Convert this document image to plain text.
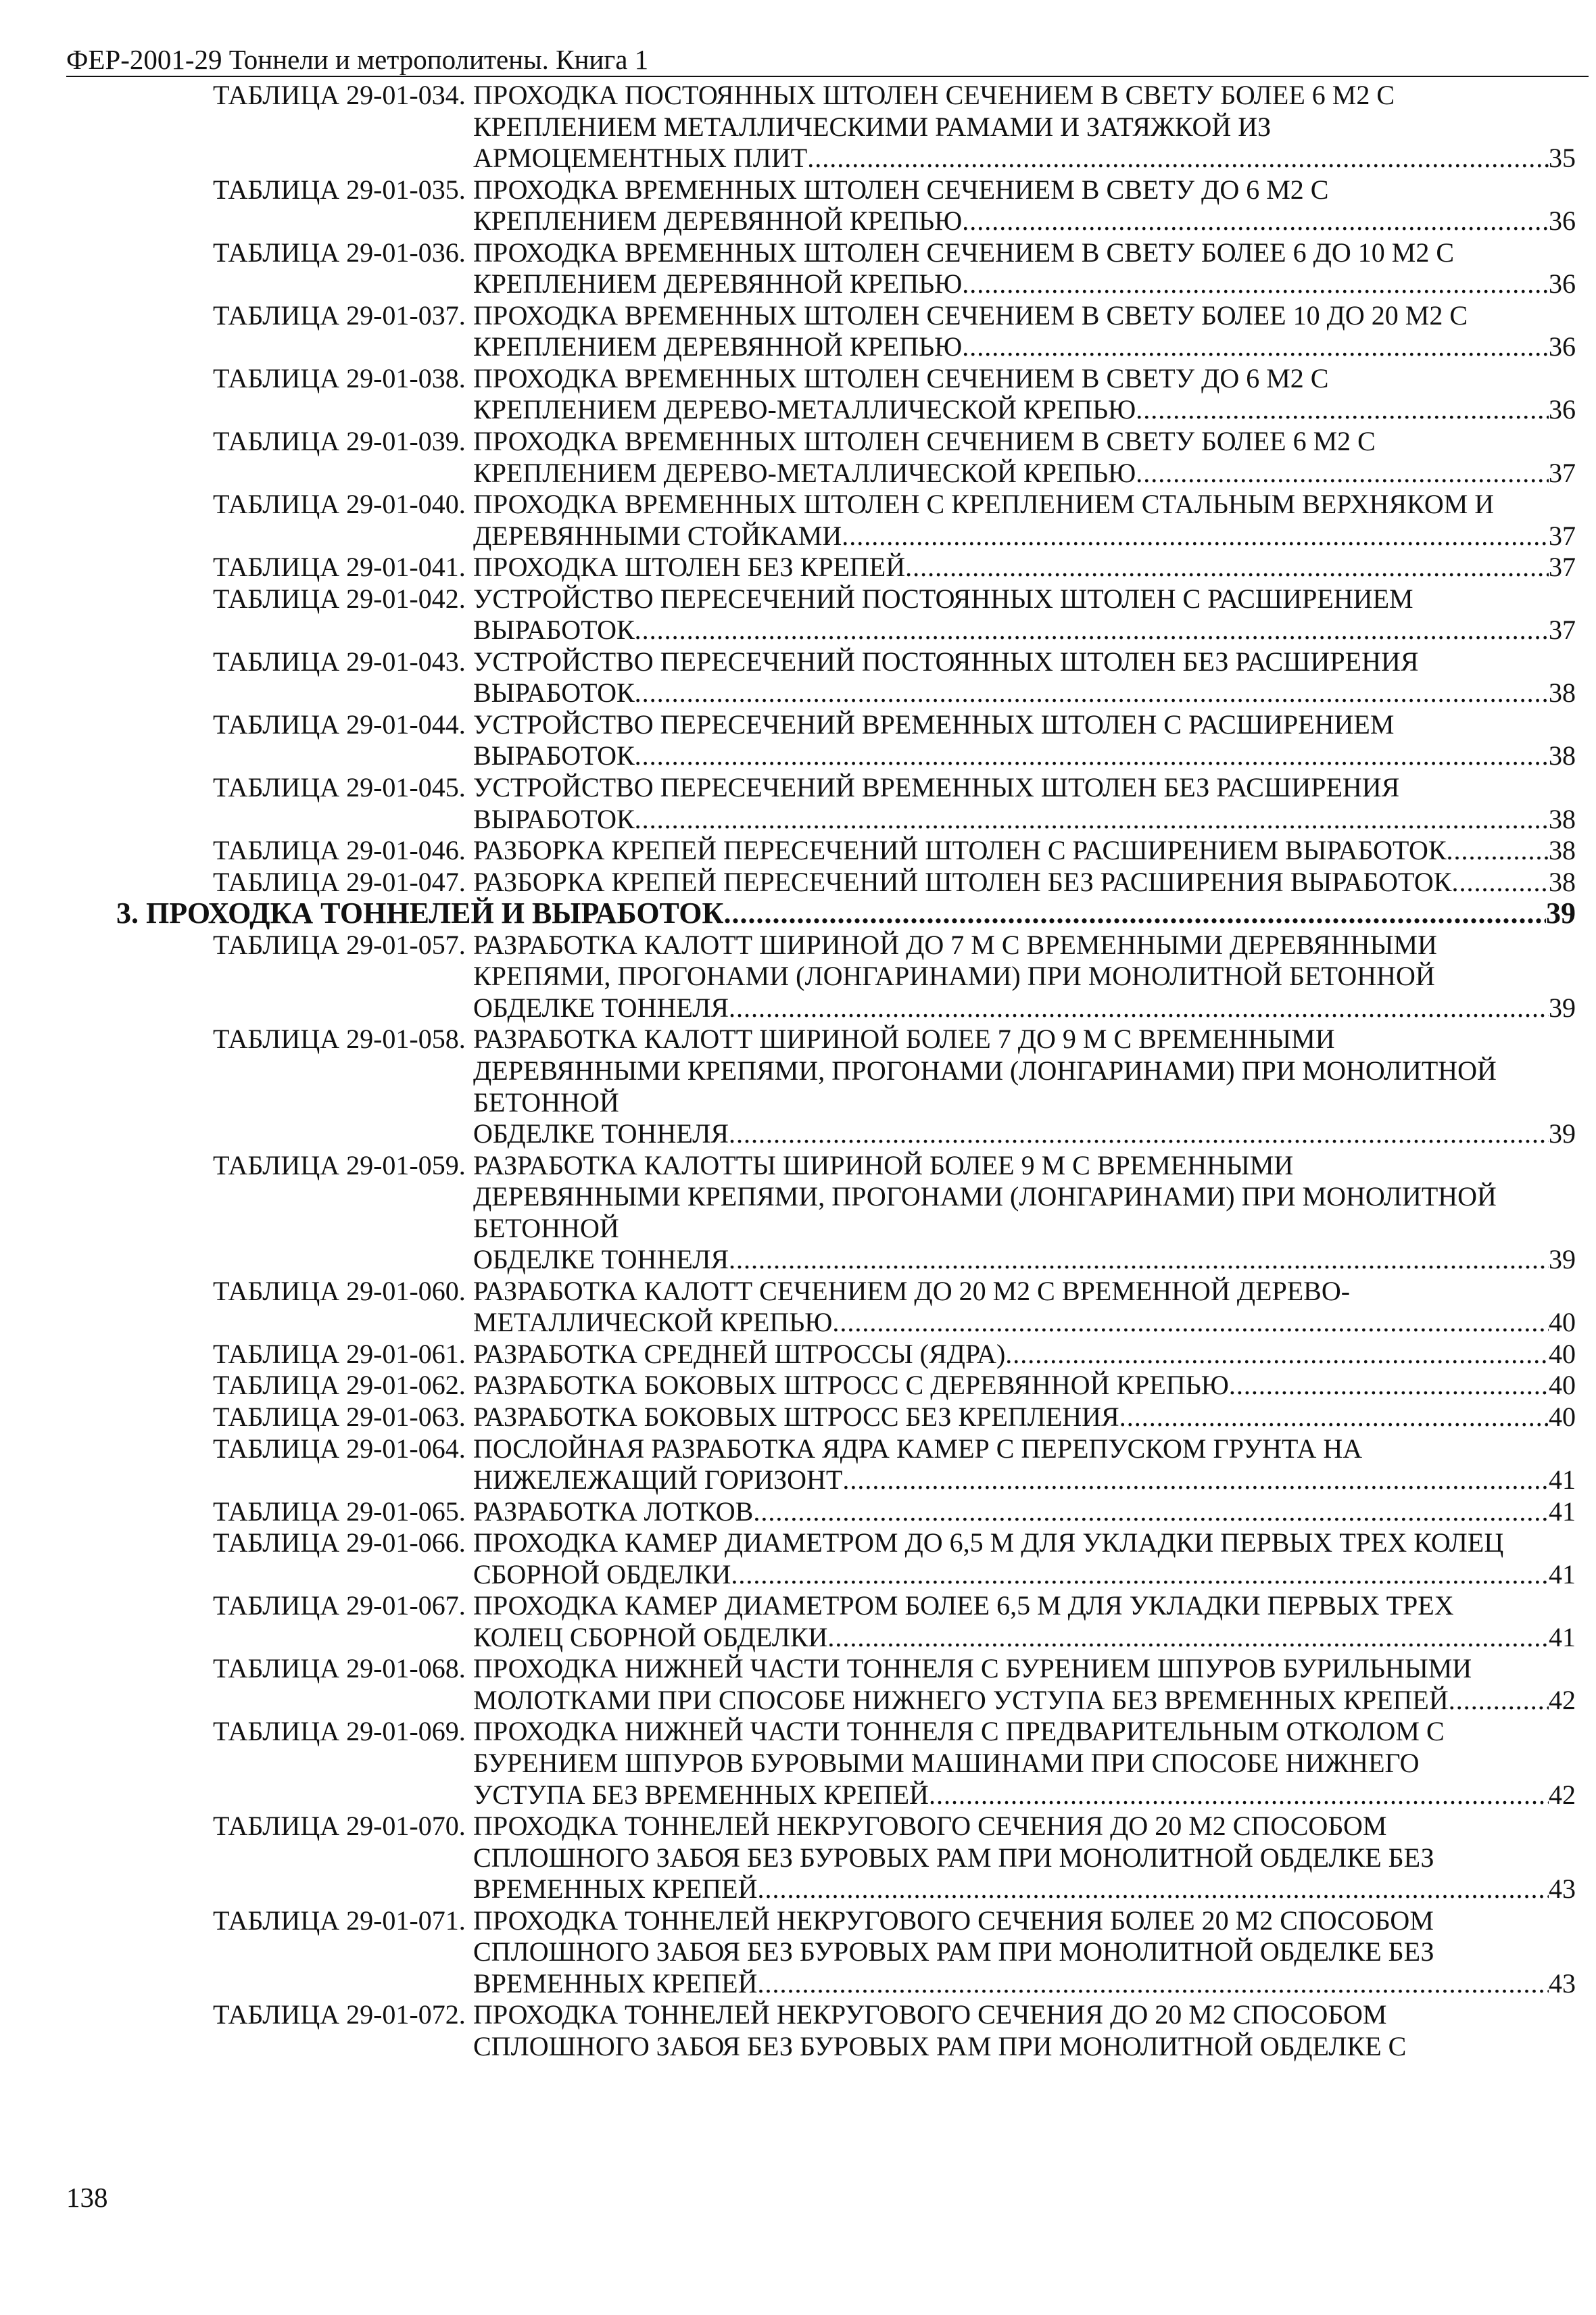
ФЕР-2001-29 Тоннели и метрополитены. Книга 1
ТАБЛИЦА 29-01-034. ПРОХОДКА ПОСТОЯННЫХ ШТОЛЕН СЕЧЕНИЕМ В СВЕТУ БОЛЕЕ 6 М2 С
КРЕПЛЕНИЕМ МЕТАЛЛИЧЕСКИМИ РАМАМИ И ЗАТЯЖКОЙ ИЗ
АРМОЦЕМЕНТНЫХ ПЛИТ .....	35
ТАБЛИЦА 29-01-035. ПРОХОДКА ВРЕМЕННЫХ ШТОЛЕН СЕЧЕНИЕМ В СВЕТУ ДО 6 М2 С
КРЕПЛЕНИЕМ ДЕРЕВЯННОЙ КРЕПЬЮ .....	36
ТАБЛИЦА 29-01-036. ПРОХОДКА ВРЕМЕННЫХ ШТОЛЕН СЕЧЕНИЕМ В СВЕТУ БОЛЕЕ 6 ДО 10 М2 С
КРЕПЛЕНИЕМ ДЕРЕВЯННОЙ КРЕПЬЮ .....	36
ТАБЛИЦА 29-01-037. ПРОХОДКА ВРЕМЕННЫХ ШТОЛЕН СЕЧЕНИЕМ В СВЕТУ БОЛЕЕ 10 ДО 20 М2 С
КРЕПЛЕНИЕМ ДЕРЕВЯННОЙ КРЕПЬЮ .....	36
ТАБЛИЦА 29-01-038. ПРОХОДКА ВРЕМЕННЫХ ШТОЛЕН СЕЧЕНИЕМ В СВЕТУ ДО 6 М2 С
КРЕПЛЕНИЕМ ДЕРЕВО-МЕТАЛЛИЧЕСКОЙ КРЕПЬЮ .....	36
ТАБЛИЦА 29-01-039. ПРОХОДКА ВРЕМЕННЫХ ШТОЛЕН СЕЧЕНИЕМ В СВЕТУ БОЛЕЕ 6 М2 С
КРЕПЛЕНИЕМ ДЕРЕВО-МЕТАЛЛИЧЕСКОЙ КРЕПЬЮ .....	37
ТАБЛИЦА 29-01-040. ПРОХОДКА ВРЕМЕННЫХ ШТОЛЕН С КРЕПЛЕНИЕМ СТАЛЬНЫМ ВЕРХНЯКОМ И
ДЕРЕВЯННЫМИ СТОЙКАМИ .....	37
ТАБЛИЦА 29-01-041. ПРОХОДКА ШТОЛЕН БЕЗ КРЕПЕЙ .....	37
ТАБЛИЦА 29-01-042. УСТРОЙСТВО ПЕРЕСЕЧЕНИЙ ПОСТОЯННЫХ ШТОЛЕН С РАСШИРЕНИЕМ
ВЫРАБОТОК .....	37
ТАБЛИЦА 29-01-043. УСТРОЙСТВО ПЕРЕСЕЧЕНИЙ ПОСТОЯННЫХ ШТОЛЕН БЕЗ РАСШИРЕНИЯ
ВЫРАБОТОК .....	38
ТАБЛИЦА 29-01-044. УСТРОЙСТВО ПЕРЕСЕЧЕНИЙ ВРЕМЕННЫХ ШТОЛЕН С РАСШИРЕНИЕМ
ВЫРАБОТОК .....	38
ТАБЛИЦА 29-01-045. УСТРОЙСТВО ПЕРЕСЕЧЕНИЙ ВРЕМЕННЫХ ШТОЛЕН БЕЗ РАСШИРЕНИЯ
ВЫРАБОТОК .....	38
ТАБЛИЦА 29-01-046. РАЗБОРКА КРЕПЕЙ ПЕРЕСЕЧЕНИЙ ШТОЛЕН С РАСШИРЕНИЕМ ВЫРАБОТОК .....	38
ТАБЛИЦА 29-01-047. РАЗБОРКА КРЕПЕЙ ПЕРЕСЕЧЕНИЙ ШТОЛЕН БЕЗ РАСШИРЕНИЯ ВЫРАБОТОК .....	38
3. ПРОХОДКА ТОННЕЛЕЙ И ВЫРАБОТОК .....	39
ТАБЛИЦА 29-01-057. РАЗРАБОТКА КАЛОТТ ШИРИНОЙ ДО 7 М С ВРЕМЕННЫМИ ДЕРЕВЯННЫМИ
КРЕПЯМИ, ПРОГОНАМИ (ЛОНГАРИНАМИ) ПРИ МОНОЛИТНОЙ БЕТОННОЙ
ОБДЕЛКЕ ТОННЕЛЯ .....	39
ТАБЛИЦА 29-01-058. РАЗРАБОТКА КАЛОТТ ШИРИНОЙ БОЛЕЕ 7 ДО 9 М С ВРЕМЕННЫМИ
ДЕРЕВЯННЫМИ КРЕПЯМИ, ПРОГОНАМИ (ЛОНГАРИНАМИ) ПРИ МОНОЛИТНОЙ
БЕТОННОЙ
ОБДЕЛКЕ ТОННЕЛЯ .....	39
ТАБЛИЦА 29-01-059. РАЗРАБОТКА КАЛОТТЫ ШИРИНОЙ БОЛЕЕ 9 М С ВРЕМЕННЫМИ
ДЕРЕВЯННЫМИ КРЕПЯМИ, ПРОГОНАМИ (ЛОНГАРИНАМИ) ПРИ МОНОЛИТНОЙ
БЕТОННОЙ
ОБДЕЛКЕ ТОННЕЛЯ .....	39
ТАБЛИЦА 29-01-060. РАЗРАБОТКА КАЛОТТ СЕЧЕНИЕМ ДО 20 М2 С ВРЕМЕННОЙ ДЕРЕВО-
МЕТАЛЛИЧЕСКОЙ КРЕПЬЮ .....	40
ТАБЛИЦА 29-01-061. РАЗРАБОТКА СРЕДНЕЙ ШТРОССЫ (ЯДРА) .....	40
ТАБЛИЦА 29-01-062. РАЗРАБОТКА БОКОВЫХ ШТРОСС С ДЕРЕВЯННОЙ КРЕПЬЮ .....	40
ТАБЛИЦА 29-01-063. РАЗРАБОТКА БОКОВЫХ ШТРОСС БЕЗ КРЕПЛЕНИЯ .....	40
ТАБЛИЦА 29-01-064. ПОСЛОЙНАЯ РАЗРАБОТКА ЯДРА КАМЕР С ПЕРЕПУСКОМ ГРУНТА НА
НИЖЕЛЕЖАЩИЙ ГОРИЗОНТ .....	41
ТАБЛИЦА 29-01-065. РАЗРАБОТКА ЛОТКОВ .....	41
ТАБЛИЦА 29-01-066. ПРОХОДКА КАМЕР ДИАМЕТРОМ ДО 6,5 М ДЛЯ УКЛАДКИ ПЕРВЫХ ТРЕХ КОЛЕЦ
СБОРНОЙ ОБДЕЛКИ .....	41
ТАБЛИЦА 29-01-067. ПРОХОДКА КАМЕР ДИАМЕТРОМ БОЛЕЕ 6,5 М ДЛЯ УКЛАДКИ ПЕРВЫХ ТРЕХ
КОЛЕЦ СБОРНОЙ ОБДЕЛКИ .....	41
ТАБЛИЦА 29-01-068. ПРОХОДКА НИЖНЕЙ ЧАСТИ ТОННЕЛЯ С БУРЕНИЕМ ШПУРОВ БУРИЛЬНЫМИ
МОЛОТКАМИ ПРИ СПОСОБЕ НИЖНЕГО УСТУПА БЕЗ ВРЕМЕННЫХ КРЕПЕЙ .....	42
ТАБЛИЦА 29-01-069. ПРОХОДКА НИЖНЕЙ ЧАСТИ ТОННЕЛЯ С ПРЕДВАРИТЕЛЬНЫМ ОТКОЛОМ С
БУРЕНИЕМ ШПУРОВ БУРОВЫМИ МАШИНАМИ ПРИ СПОСОБЕ НИЖНЕГО
УСТУПА БЕЗ ВРЕМЕННЫХ КРЕПЕЙ .....	42
ТАБЛИЦА 29-01-070. ПРОХОДКА ТОННЕЛЕЙ НЕКРУГОВОГО СЕЧЕНИЯ ДО 20 М2 СПОСОБОМ
СПЛОШНОГО ЗАБОЯ БЕЗ БУРОВЫХ РАМ ПРИ МОНОЛИТНОЙ ОБДЕЛКЕ БЕЗ
ВРЕМЕННЫХ КРЕПЕЙ .....	43
ТАБЛИЦА 29-01-071. ПРОХОДКА ТОННЕЛЕЙ НЕКРУГОВОГО СЕЧЕНИЯ БОЛЕЕ 20 М2 СПОСОБОМ
СПЛОШНОГО ЗАБОЯ БЕЗ БУРОВЫХ РАМ ПРИ МОНОЛИТНОЙ ОБДЕЛКЕ БЕЗ
ВРЕМЕННЫХ КРЕПЕЙ .....	43
ТАБЛИЦА 29-01-072. ПРОХОДКА ТОННЕЛЕЙ НЕКРУГОВОГО СЕЧЕНИЯ ДО 20 М2 СПОСОБОМ
СПЛОШНОГО ЗАБОЯ БЕЗ БУРОВЫХ РАМ ПРИ МОНОЛИТНОЙ ОБДЕЛКЕ С
138
